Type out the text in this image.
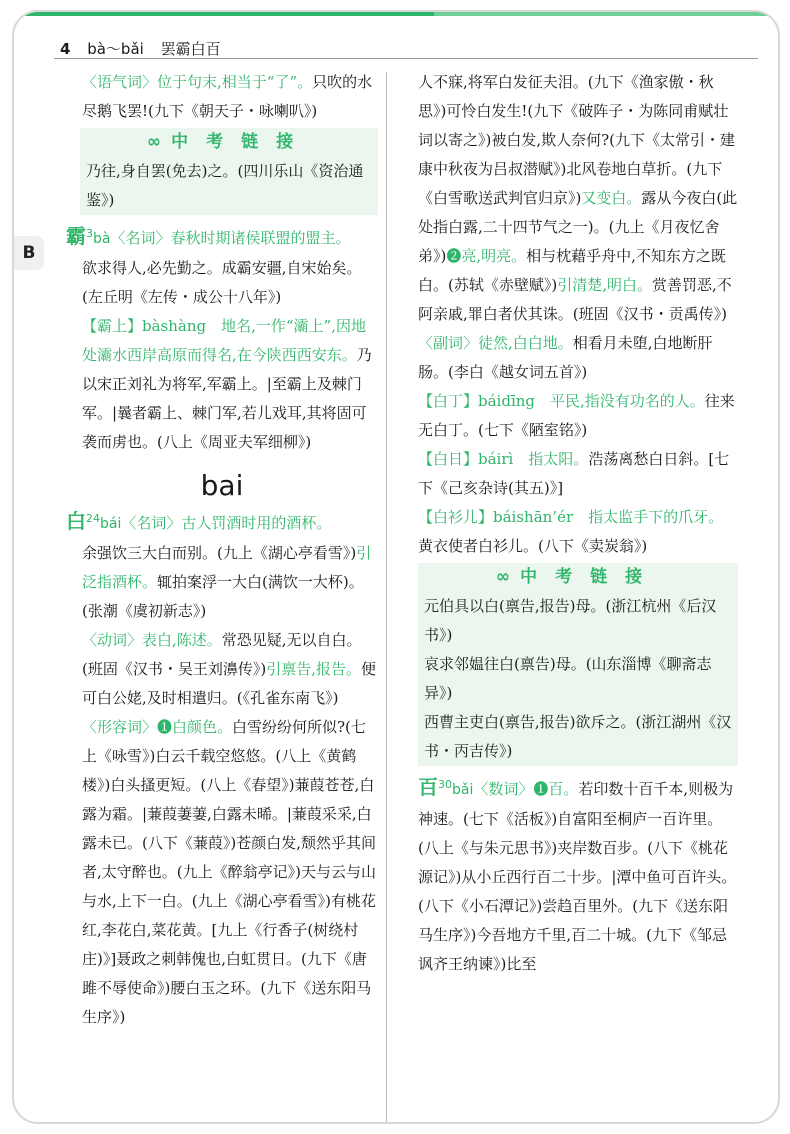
4 bà～bǎi 罢霸白百
B

〈语气词〉位于句末,相当于“了”。只吹的水尽鹅飞罢!(九下《朝天子・咏喇叭》)

∞ 中考链接

乃往,身自罢(免去)之。(四川乐山《资治通鉴》)

霸$^3$bà〈名词〉春秋时期诸侯联盟的盟主。

欲求得人,必先勤之。成霸安疆,自宋始矣。(左丘明《左传・成公十八年》)

【霸上】bàshàng　地名,一作“灞上”,因地处灞水西岸高原而得名,在今陕西西安东。乃以宋正刘礼为将军,军霸上。|至霸上及棘门军。|曩者霸上、棘门军,若儿戏耳,其将固可袭而虏也。(八上《周亚夫军细柳》)

bai

白$^{24}$bái〈名词〉古人罚酒时用的酒杯。

余强饮三大白而别。(九上《湖心亭看雪》)引泛指酒杯。辄拍案浮一大白(满饮一大杯)。(张潮《虞初新志》)

〈动词〉表白,陈述。常恐见疑,无以自白。(班固《汉书・吴王刘濞传》)引禀告,报告。便可白公姥,及时相遣归。(《孔雀东南飞》)

〈形容词〉❶白颜色。白雪纷纷何所似?(七上《咏雪》)白云千载空悠悠。(八上《黄鹤楼》)白头搔更短。(八上《春望》)蒹葭苍苍,白露为霜。|蒹葭萋萋,白露未晞。|蒹葭采采,白露未已。(八下《蒹葭》)苍颜白发,颓然乎其间者,太守醉也。(九上《醉翁亭记》)天与云与山与水,上下一白。(九上《湖心亭看雪》)有桃花红,李花白,菜花黄。[九上《行香子(树绕村庄)》]聂政之刺韩傀也,白虹贯日。(九下《唐雎不辱使命》)腰白玉之环。(九下《送东阳马生序》)

人不寐,将军白发征夫泪。(九下《渔家傲・秋思》)可怜白发生!(九下《破阵子・为陈同甫赋壮词以寄之》)被白发,欺人奈何?(九下《太常引・建康中秋夜为吕叔潜赋》)北风卷地白草折。(九下《白雪歌送武判官归京》)又变白。露从今夜白(此处指白露,二十四节气之一)。(九上《月夜忆舍弟》)❷亮,明亮。相与枕藉乎舟中,不知东方之既白。(苏轼《赤壁赋》)引清楚,明白。赏善罚恶,不阿亲戚,罪白者伏其诛。(班固《汉书・贡禹传》)

〈副词〉徒然,白白地。相看月未堕,白地断肝肠。(李白《越女词五首》)

【白丁】báidīng　平民,指没有功名的人。往来无白丁。(七下《陋室铭》)

【白日】báirì　指太阳。浩荡离愁白日斜。[七下《己亥杂诗(其五)》]

【白衫儿】báishān’ér　指太监手下的爪牙。黄衣使者白衫儿。(八下《卖炭翁》)

∞ 中考链接

元伯具以白(禀告,报告)母。(浙江杭州《后汉书》)

哀求邻媪往白(禀告)母。(山东淄博《聊斋志异》)

西曹主吏白(禀告,报告)欲斥之。(浙江湖州《汉书・丙吉传》)

百$^{30}$bǎi〈数词〉❶百。若印数十百千本,则极为神速。(七下《活板》)自富阳至桐庐一百许里。(八上《与朱元思书》)夹岸数百步。(八下《桃花源记》)从小丘西行百二十步。|潭中鱼可百许头。(八下《小石潭记》)尝趋百里外。(九下《送东阳马生序》)今吾地方千里,百二十城。(九下《邹忌讽齐王纳谏》)比至
